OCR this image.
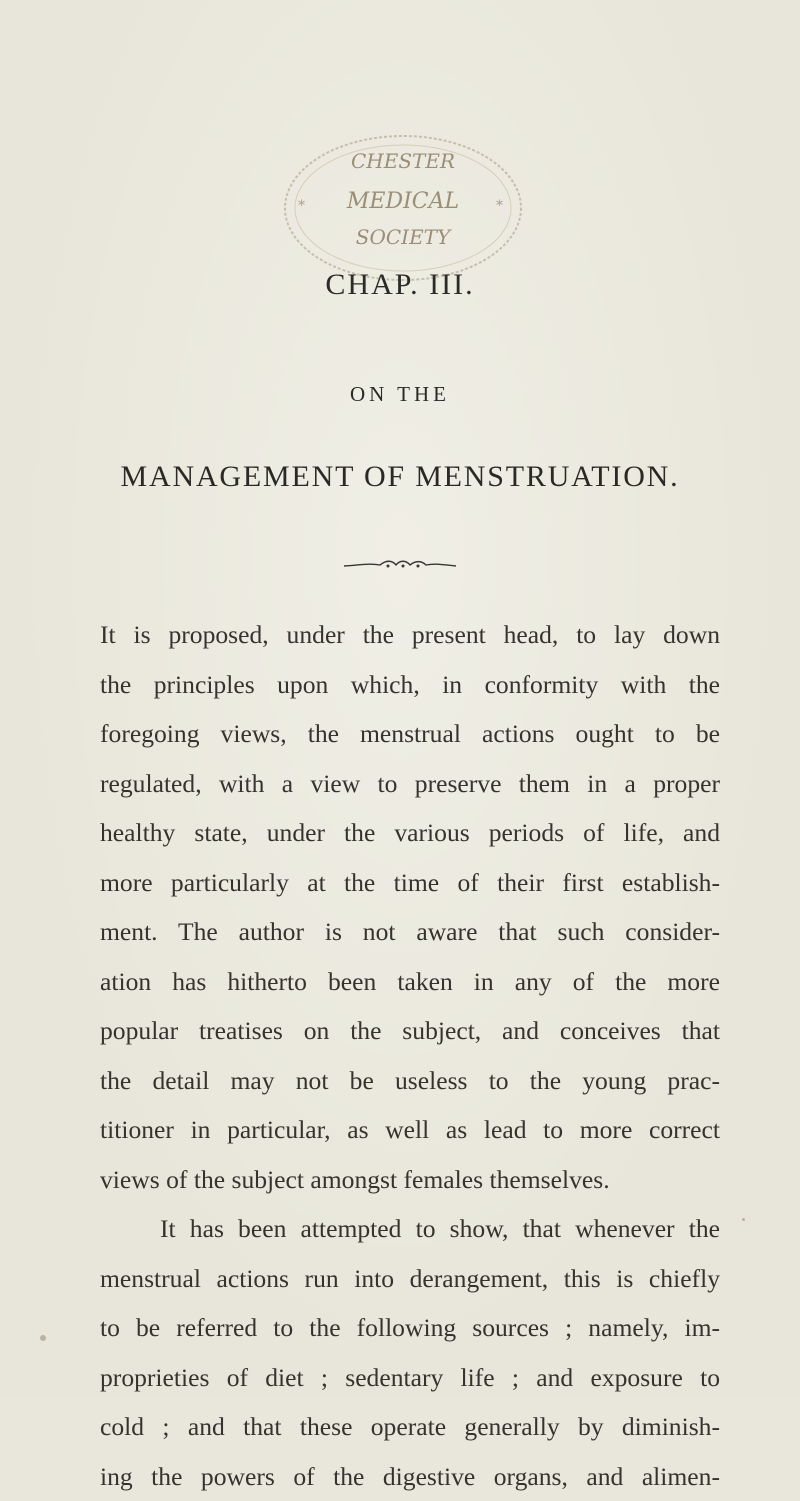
CHESTER
MEDICAL
SOCIETY
*	*
CHAP. III.
ON THE
MANAGEMENT OF MENSTRUATION.
It is proposed, under the present head, to lay down
the principles upon which, in conformity with the
foregoing views, the menstrual actions ought to be
regulated, with a view to preserve them in a proper
healthy state, under the various periods of life, and
more particularly at the time of their first establish-
ment. The author is not aware that such consider-
ation has hitherto been taken in any of the more
popular treatises on the subject, and conceives that
the detail may not be useless to the young prac-
titioner in particular, as well as lead to more correct
views of the subject amongst females themselves.
It has been attempted to show, that whenever the
menstrual actions run into derangement, this is chiefly
to be referred to the following sources ; namely, im-
proprieties of diet ; sedentary life ; and exposure to
cold ; and that these operate generally by diminish-
ing the powers of the digestive organs, and alimen-
